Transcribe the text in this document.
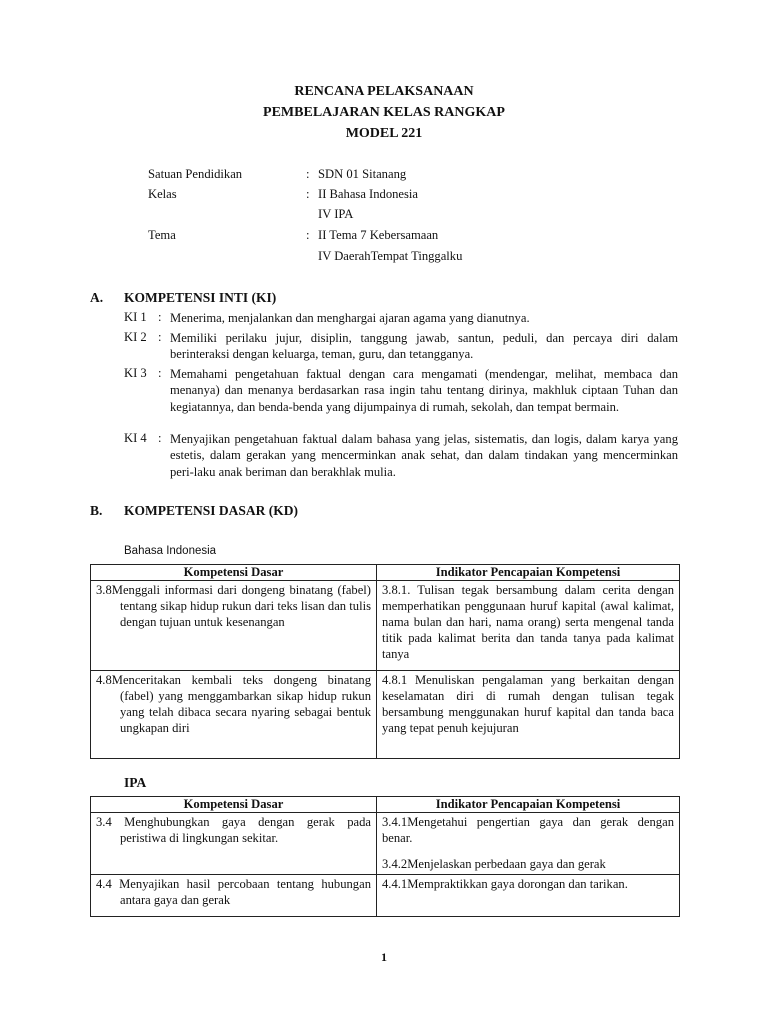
RENCANA PELAKSANAAN
PEMBELAJARAN KELAS RANGKAP
MODEL 221
Satuan Pendidikan	: SDN 01 Sitanang
Kelas	: II Bahasa Indonesia
IV IPA
Tema	: II Tema 7 Kebersamaan
IV DaerahTempat Tinggalku
A. KOMPETENSI INTI (KI)
KI 1 : Menerima, menjalankan dan menghargai ajaran agama yang dianutnya.
KI 2 : Memiliki perilaku jujur, disiplin, tanggung jawab, santun, peduli, dan percaya diri dalam berinteraksi dengan keluarga, teman, guru, dan tetangganya.
KI 3 : Memahami pengetahuan faktual dengan cara mengamati (mendengar, melihat, membaca dan menanya) dan menanya berdasarkan rasa ingin tahu tentang dirinya, makhluk ciptaan Tuhan dan kegiatannya, dan benda-benda yang dijumpainya di rumah, sekolah, dan tempat bermain.
KI 4 : Menyajikan pengetahuan faktual dalam bahasa yang jelas, sistematis, dan logis, dalam karya yang estetis, dalam gerakan yang mencerminkan anak sehat, dan dalam tindakan yang mencerminkan peri-laku anak beriman dan berakhlak mulia.
B. KOMPETENSI DASAR (KD)
Bahasa Indonesia
Kompetensi Dasar	Indikator Pencapaian Kompetensi

3.8Menggali informasi dari dongeng binatang (fabel) tentang sikap hidup rukun dari teks lisan dan tulis dengan tujuan untuk kesenangan	3.8.1. Tulisan tegak bersambung dalam cerita dengan memperhatikan penggunaan huruf kapital (awal kalimat, nama bulan dan hari, nama orang) serta mengenal tanda titik pada kalimat berita dan tanda tanya pada kalimat tanya

4.8Menceritakan kembali teks dongeng binatang (fabel) yang menggambarkan sikap hidup rukun yang telah dibaca secara nyaring sebagai bentuk ungkapan diri	4.8.1 Menuliskan pengalaman yang berkaitan dengan keselamatan diri di rumah dengan tulisan tegak bersambung menggunakan huruf kapital dan tanda baca yang tepat penuh kejujuran
IPA
Kompetensi Dasar	Indikator Pencapaian Kompetensi

3.4 Menghubungkan gaya dengan gerak pada peristiwa di lingkungan sekitar.	3.4.1Mengetahui pengertian gaya dan gerak dengan benar.
3.4.2Menjelaskan perbedaan gaya dan gerak

4.4 Menyajikan hasil percobaan tentang hubungan antara gaya dan gerak	4.4.1Mempraktikkan gaya dorongan dan tarikan.
1
